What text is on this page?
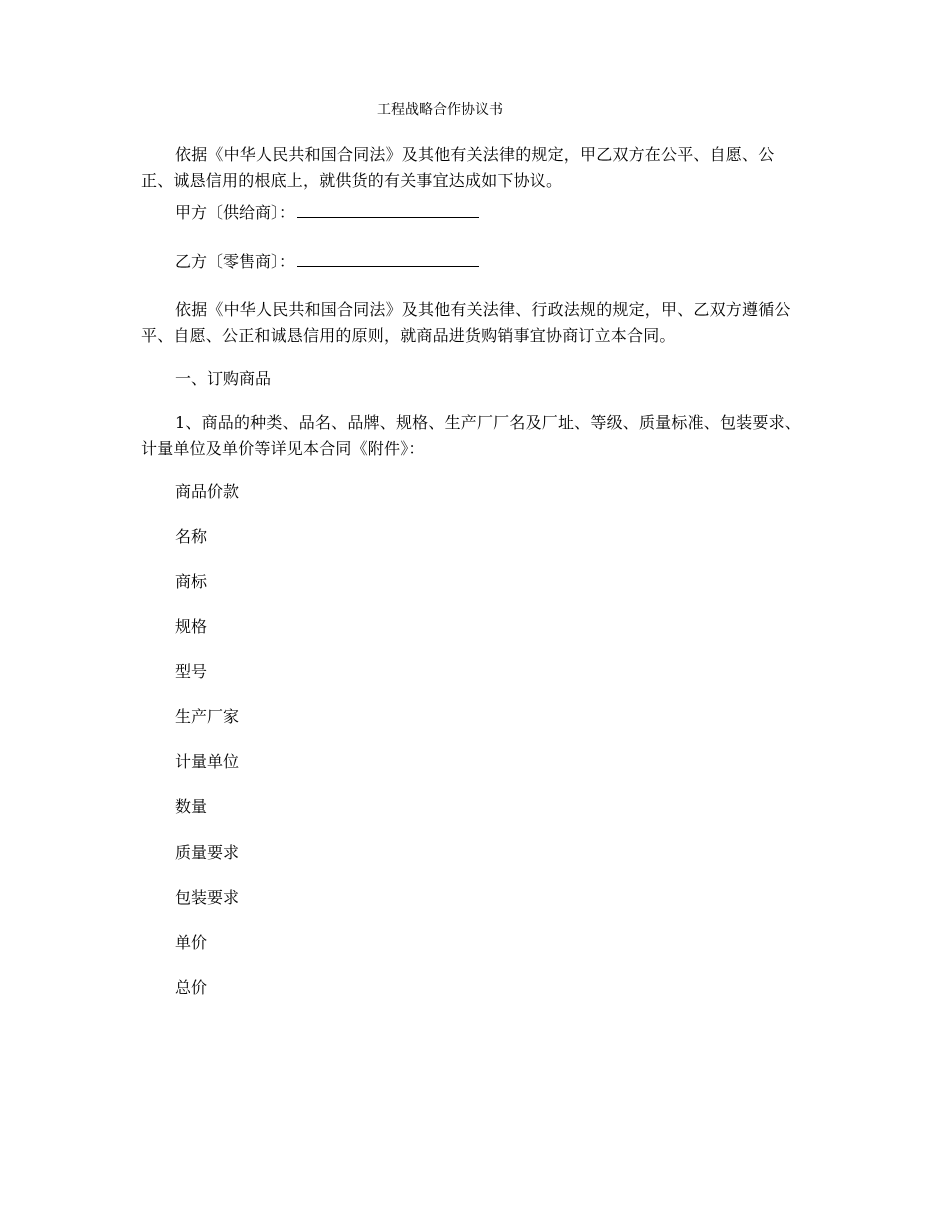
工程战略合作协议书
依据《中华人民共和国合同法》及其他有关法律的规定，甲乙双方在公平、自愿、公正、诚恳信用的根底上，就供货的有关事宜达成如下协议。
甲方〔供给商〕：
乙方〔零售商〕：
依据《中华人民共和国合同法》及其他有关法律、行政法规的规定，甲、乙双方遵循公平、自愿、公正和诚恳信用的原则，就商品进货购销事宜协商订立本合同。
一、订购商品
1、商品的种类、品名、品牌、规格、生产厂厂名及厂址、等级、质量标准、包装要求、计量单位及单价等详见本合同《附件》：
商品价款
名称
商标
规格
型号
生产厂家
计量单位
数量
质量要求
包装要求
单价
总价
